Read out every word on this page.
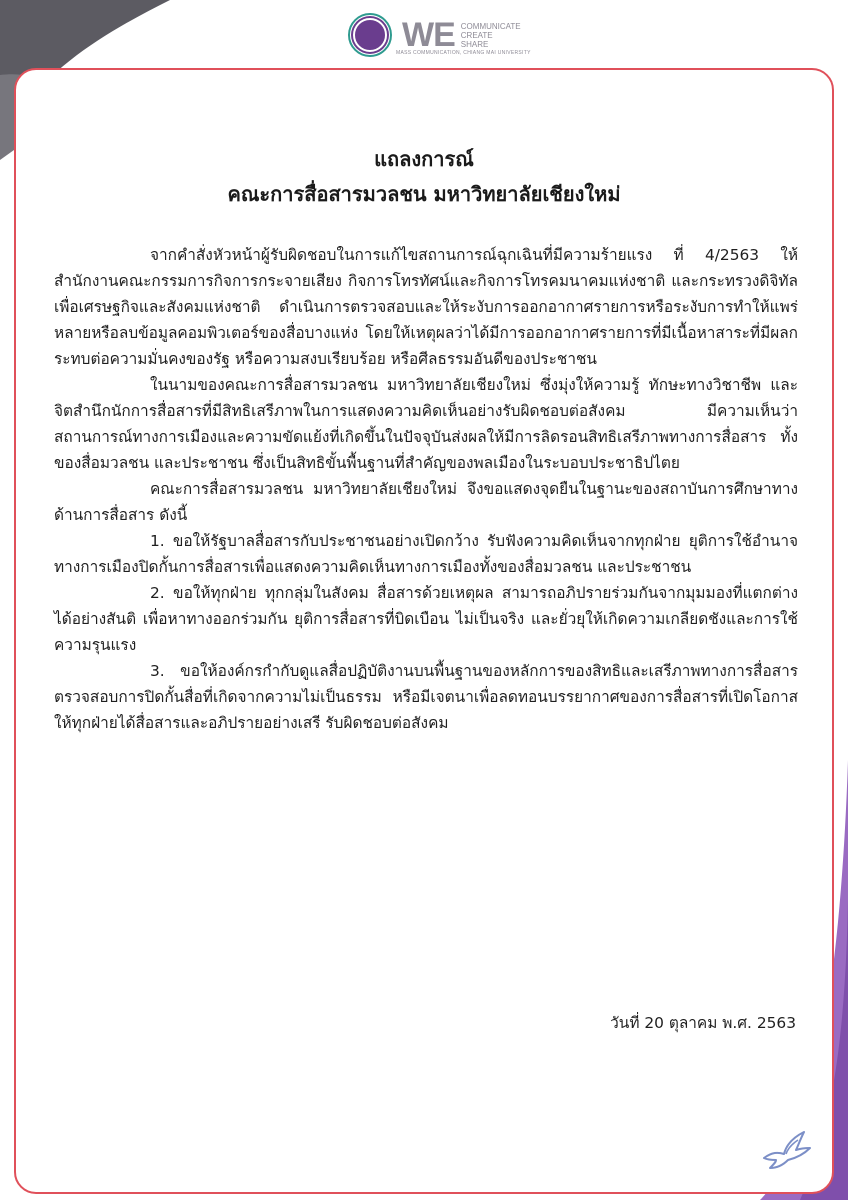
WE COMMUNICATE
CREATE
SHARE
MASS COMMUNICATION, CHIANG MAI UNIVERSITY
แถลงการณ์
คณะการสื่อสารมวลชน มหาวิทยาลัยเชียงใหม่

จากคำสั่งหัวหน้าผู้รับผิดชอบในการแก้ไขสถานการณ์ฉุกเฉินที่มีความร้ายแรง ที่ 4/2563 ให้สำนักงานคณะกรรมการกิจการกระจายเสียง กิจการโทรทัศน์และกิจการโทรคมนาคมแห่งชาติ และกระทรวงดิจิทัลเพื่อเศรษฐกิจและสังคมแห่งชาติ ดำเนินการตรวจสอบและให้ระงับการออกอากาศรายการหรือระงับการทำให้แพร่หลายหรือลบข้อมูลคอมพิวเตอร์ของสื่อบางแห่ง โดยให้เหตุผลว่าได้มีการออกอากาศรายการที่มีเนื้อหาสาระที่มีผลกระทบต่อความมั่นคงของรัฐ หรือความสงบเรียบร้อย หรือศีลธรรมอันดีของประชาชน

ในนามของคณะการสื่อสารมวลชน มหาวิทยาลัยเชียงใหม่ ซึ่งมุ่งให้ความรู้ ทักษะทางวิชาชีพ และจิตสำนึกนักการสื่อสารที่มีสิทธิเสรีภาพในการแสดงความคิดเห็นอย่างรับผิดชอบต่อสังคม มีความเห็นว่าสถานการณ์ทางการเมืองและความขัดแย้งที่เกิดขึ้นในปัจจุบันส่งผลให้มีการลิดรอนสิทธิเสรีภาพทางการสื่อสาร ทั้งของสื่อมวลชน และประชาชน ซึ่งเป็นสิทธิขั้นพื้นฐานที่สำคัญของพลเมืองในระบอบประชาธิปไตย

คณะการสื่อสารมวลชน มหาวิทยาลัยเชียงใหม่ จึงขอแสดงจุดยืนในฐานะของสถาบันการศึกษาทางด้านการสื่อสาร ดังนี้

1. ขอให้รัฐบาลสื่อสารกับประชาชนอย่างเปิดกว้าง รับฟังความคิดเห็นจากทุกฝ่าย ยุติการใช้อำนาจทางการเมืองปิดกั้นการสื่อสารเพื่อแสดงความคิดเห็นทางการเมืองทั้งของสื่อมวลชน และประชาชน

2. ขอให้ทุกฝ่าย ทุกกลุ่มในสังคม สื่อสารด้วยเหตุผล สามารถอภิปรายร่วมกันจากมุมมองที่แตกต่างได้อย่างสันติ เพื่อหาทางออกร่วมกัน ยุติการสื่อสารที่บิดเบือน ไม่เป็นจริง และยั่วยุให้เกิดความเกลียดชังและการใช้ความรุนแรง

3. ขอให้องค์กรกำกับดูแลสื่อปฏิบัติงานบนพื้นฐานของหลักการของสิทธิและเสรีภาพทางการสื่อสาร ตรวจสอบการปิดกั้นสื่อที่เกิดจากความไม่เป็นธรรม หรือมีเจตนาเพื่อลดทอนบรรยากาศของการสื่อสารที่เปิดโอกาสให้ทุกฝ่ายได้สื่อสารและอภิปรายอย่างเสรี รับผิดชอบต่อสังคม

วันที่ 20 ตุลาคม พ.ศ. 2563
